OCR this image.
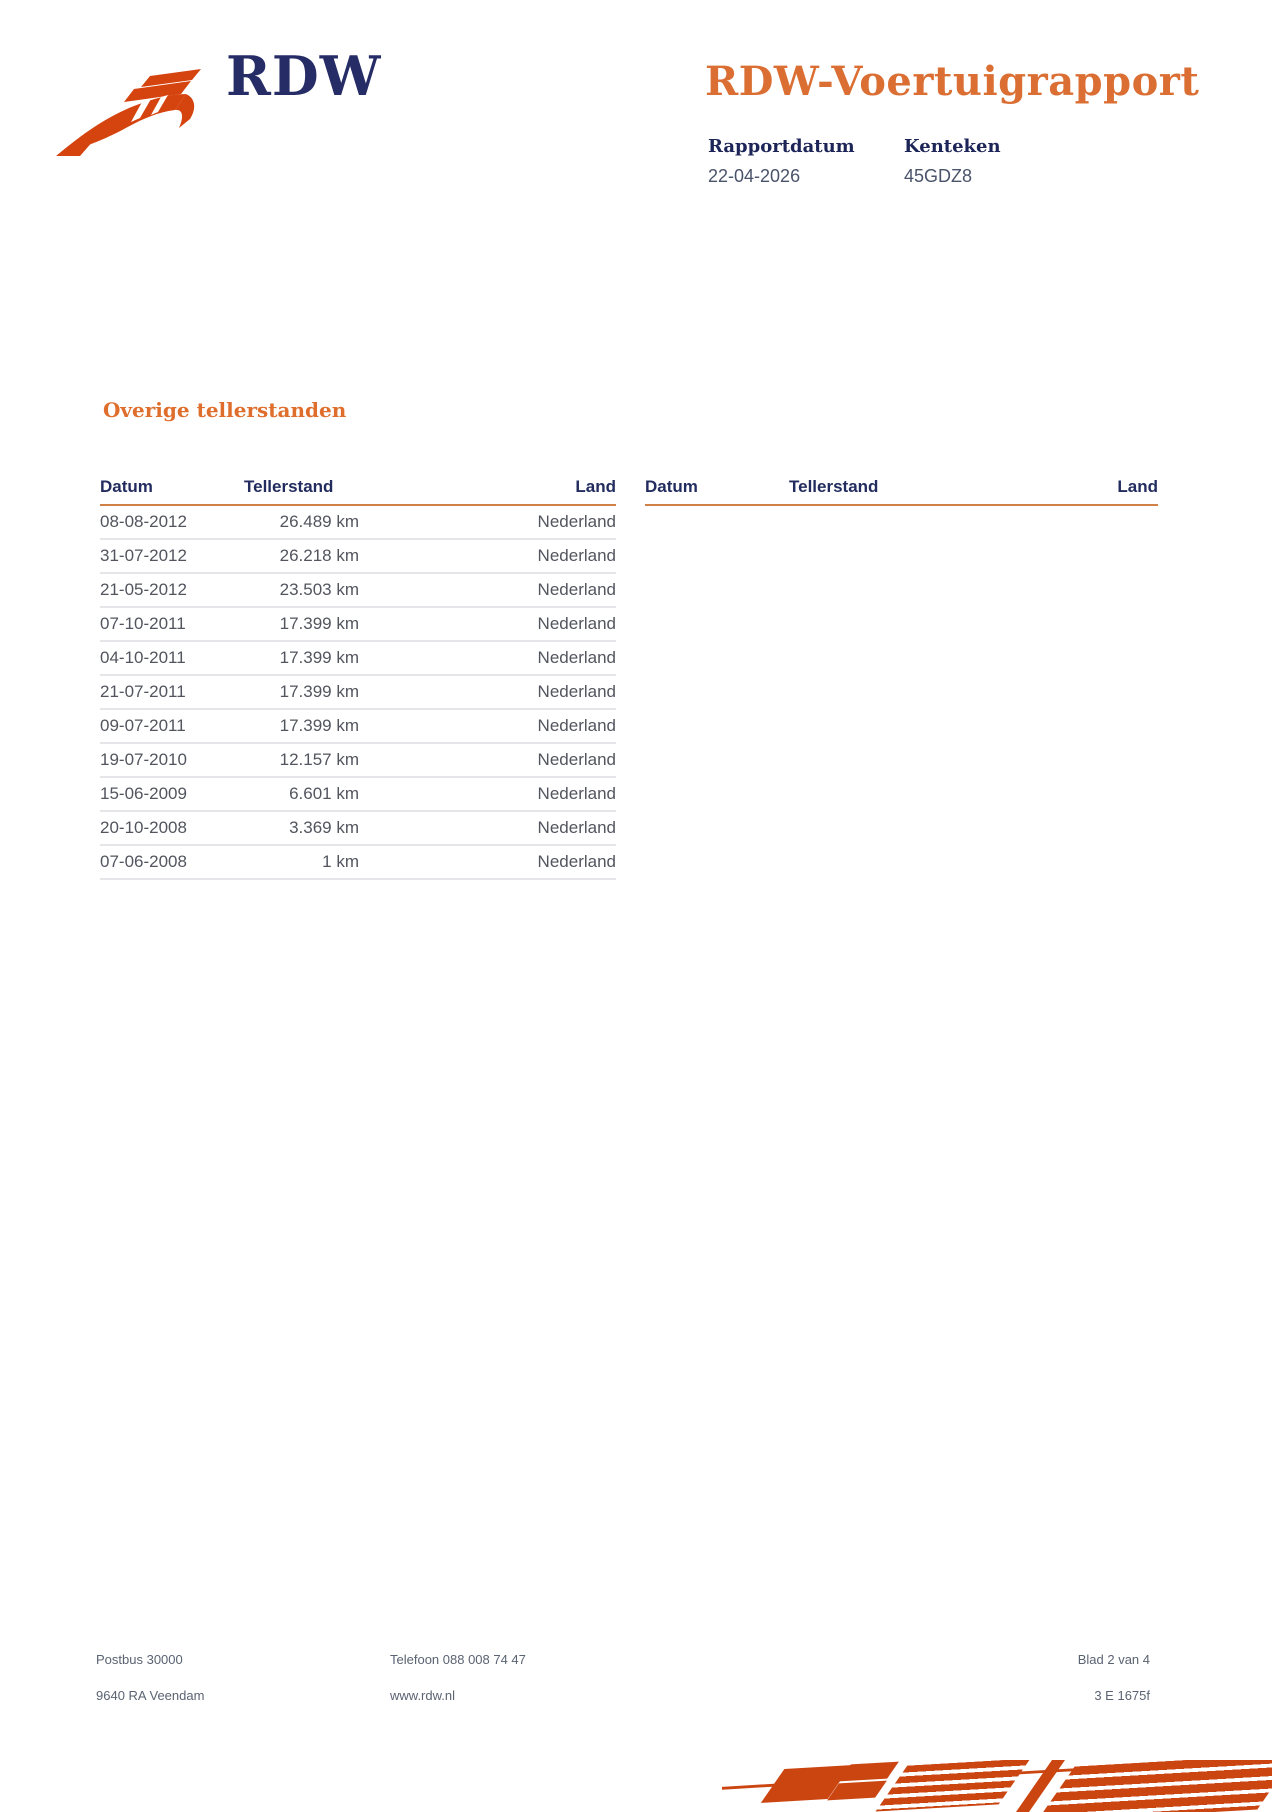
RDW	RDW-Voertuigrapport
Rapportdatum
22-04-2026
Kenteken
45GDZ8
Overige tellerstanden
Datum	Tellerstand	Land
08-08-2012	26.489 km	Nederland
31-07-2012	26.218 km	Nederland
21-05-2012	23.503 km	Nederland
07-10-2011	17.399 km	Nederland
04-10-2011	17.399 km	Nederland
21-07-2011	17.399 km	Nederland
09-07-2011	17.399 km	Nederland
19-07-2010	12.157 km	Nederland
15-06-2009	6.601 km	Nederland
20-10-2008	3.369 km	Nederland
07-06-2008	1 km	Nederland
Datum	Tellerstand	Land
Postbus 30000
9640 RA Veendam
Telefoon 088 008 74 47
www.rdw.nl
Blad 2 van 4
3 E 1675f
